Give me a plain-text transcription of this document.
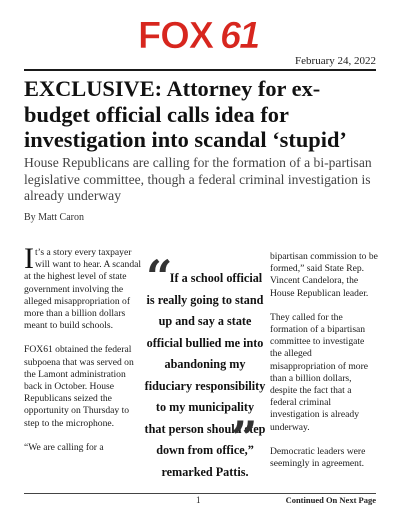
FOX 61
February 24, 2022
EXCLUSIVE: Attorney for ex-budget official calls idea for investigation into scandal ‘stupid’

House Republicans are calling for the formation of a bi-partisan legislative committee, though a federal criminal investigation is already underway

By Matt Caron

It’s a story every taxpayer will want to hear. A scandal at the highest level of state government involving the alleged misappropriation of more than a billion dollars meant to build schools.

FOX61 obtained the federal subpoena that was served on the Lamont administration back in October. House Republicans seized the opportunity on Thursday to step to the microphone.

“We are calling for a

“
If a school official is really going to stand up and say a state official bullied me into abandoning my fiduciary responsibility to my municipality that person should step down from office,” remarked Pattis.
”

bipartisan commission to be formed,” said State Rep. Vincent Candelora, the House Republican leader.

They called for the formation of a bipartisan committee to investigate the alleged misappropriation of more than a billion dollars, despite the fact that a federal criminal investigation is already underway.

Democratic leaders were seemingly in agreement.

1	Continued On Next Page
